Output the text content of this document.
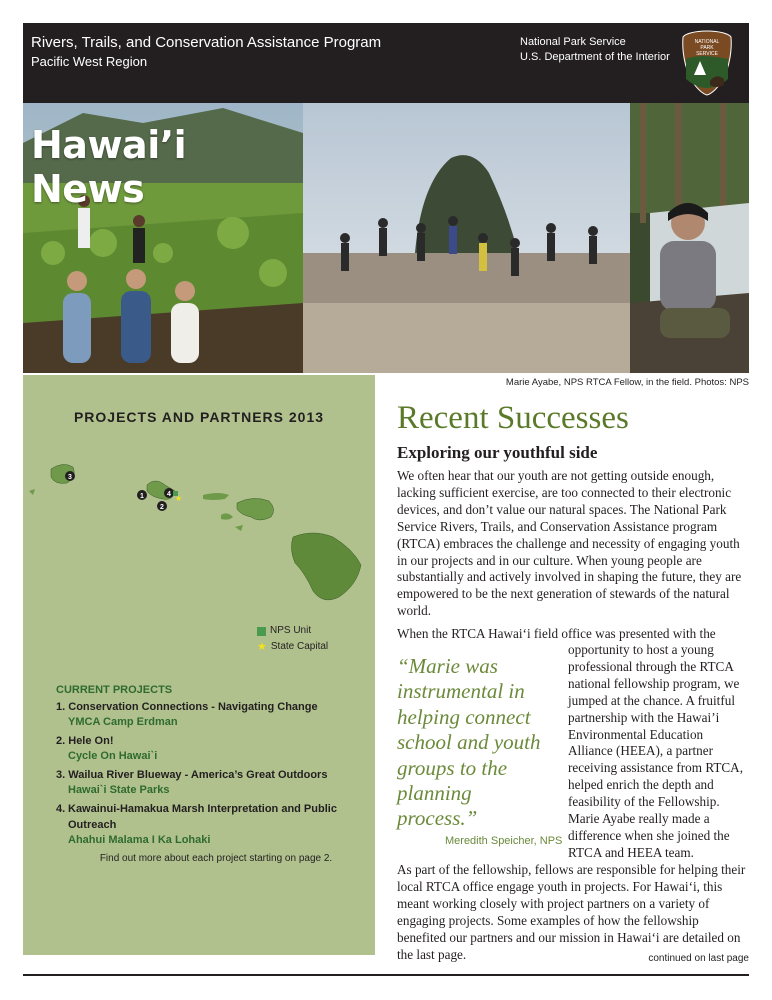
Rivers, Trails, and Conservation Assistance Program
Pacific West Region
National Park Service
U.S. Department of the Interior
NATIONAL
PARK
SERVICE
Hawai’i News
Marie Ayabe, NPS RTCA Fellow, in the field. Photos: NPS
PROJECTS AND PARTNERS 2013
3
1	4
2
★
NPS Unit
★ State Capital
CURRENT PROJECTS
1. Conservation Connections - Navigating Change
YMCA Camp Erdman
2. Hele On!
Cycle On Hawai`i
3. Wailua River Blueway - America’s Great Outdoors
Hawai`i State Parks
4. Kawainui-Hamakua Marsh Interpretation and Public Outreach
Ahahui Malama I Ka Lohaki
Find out more about each project starting on page 2.
Recent Successes
Exploring our youthful side
We often hear that our youth are not getting outside enough, lacking sufficient exercise, are too connected to their electronic devices, and don’t value our natural spaces. The National Park Service Rivers, Trails, and Conservation Assistance program (RTCA) embraces the challenge and necessity of engaging youth in our projects and in our culture. When young people are substantially and actively involved in shaping the future, they are empowered to be the next generation of stewards of the natural world.
When the RTCA Hawai‘i field office was presented with the
“Marie was instrumental in helping connect school and youth groups to the planning process.”
Meredith Speicher, NPS
opportunity to host a young professional through the RTCA national fellowship program, we jumped at the chance. A fruitful partnership with the Hawai’i Environmental Education Alliance (HEEA), a partner receiving assistance from RTCA, helped enrich the depth and feasibility of the Fellowship. Marie Ayabe really made a difference when she joined the RTCA and HEEA team.
As part of the fellowship, fellows are responsible for helping their local RTCA office engage youth in projects. For Hawai‘i, this meant working closely with project partners on a variety of engaging projects. Some examples of how the fellowship benefited our partners and our mission in Hawai‘i are detailed on the last page.	continued on last page
